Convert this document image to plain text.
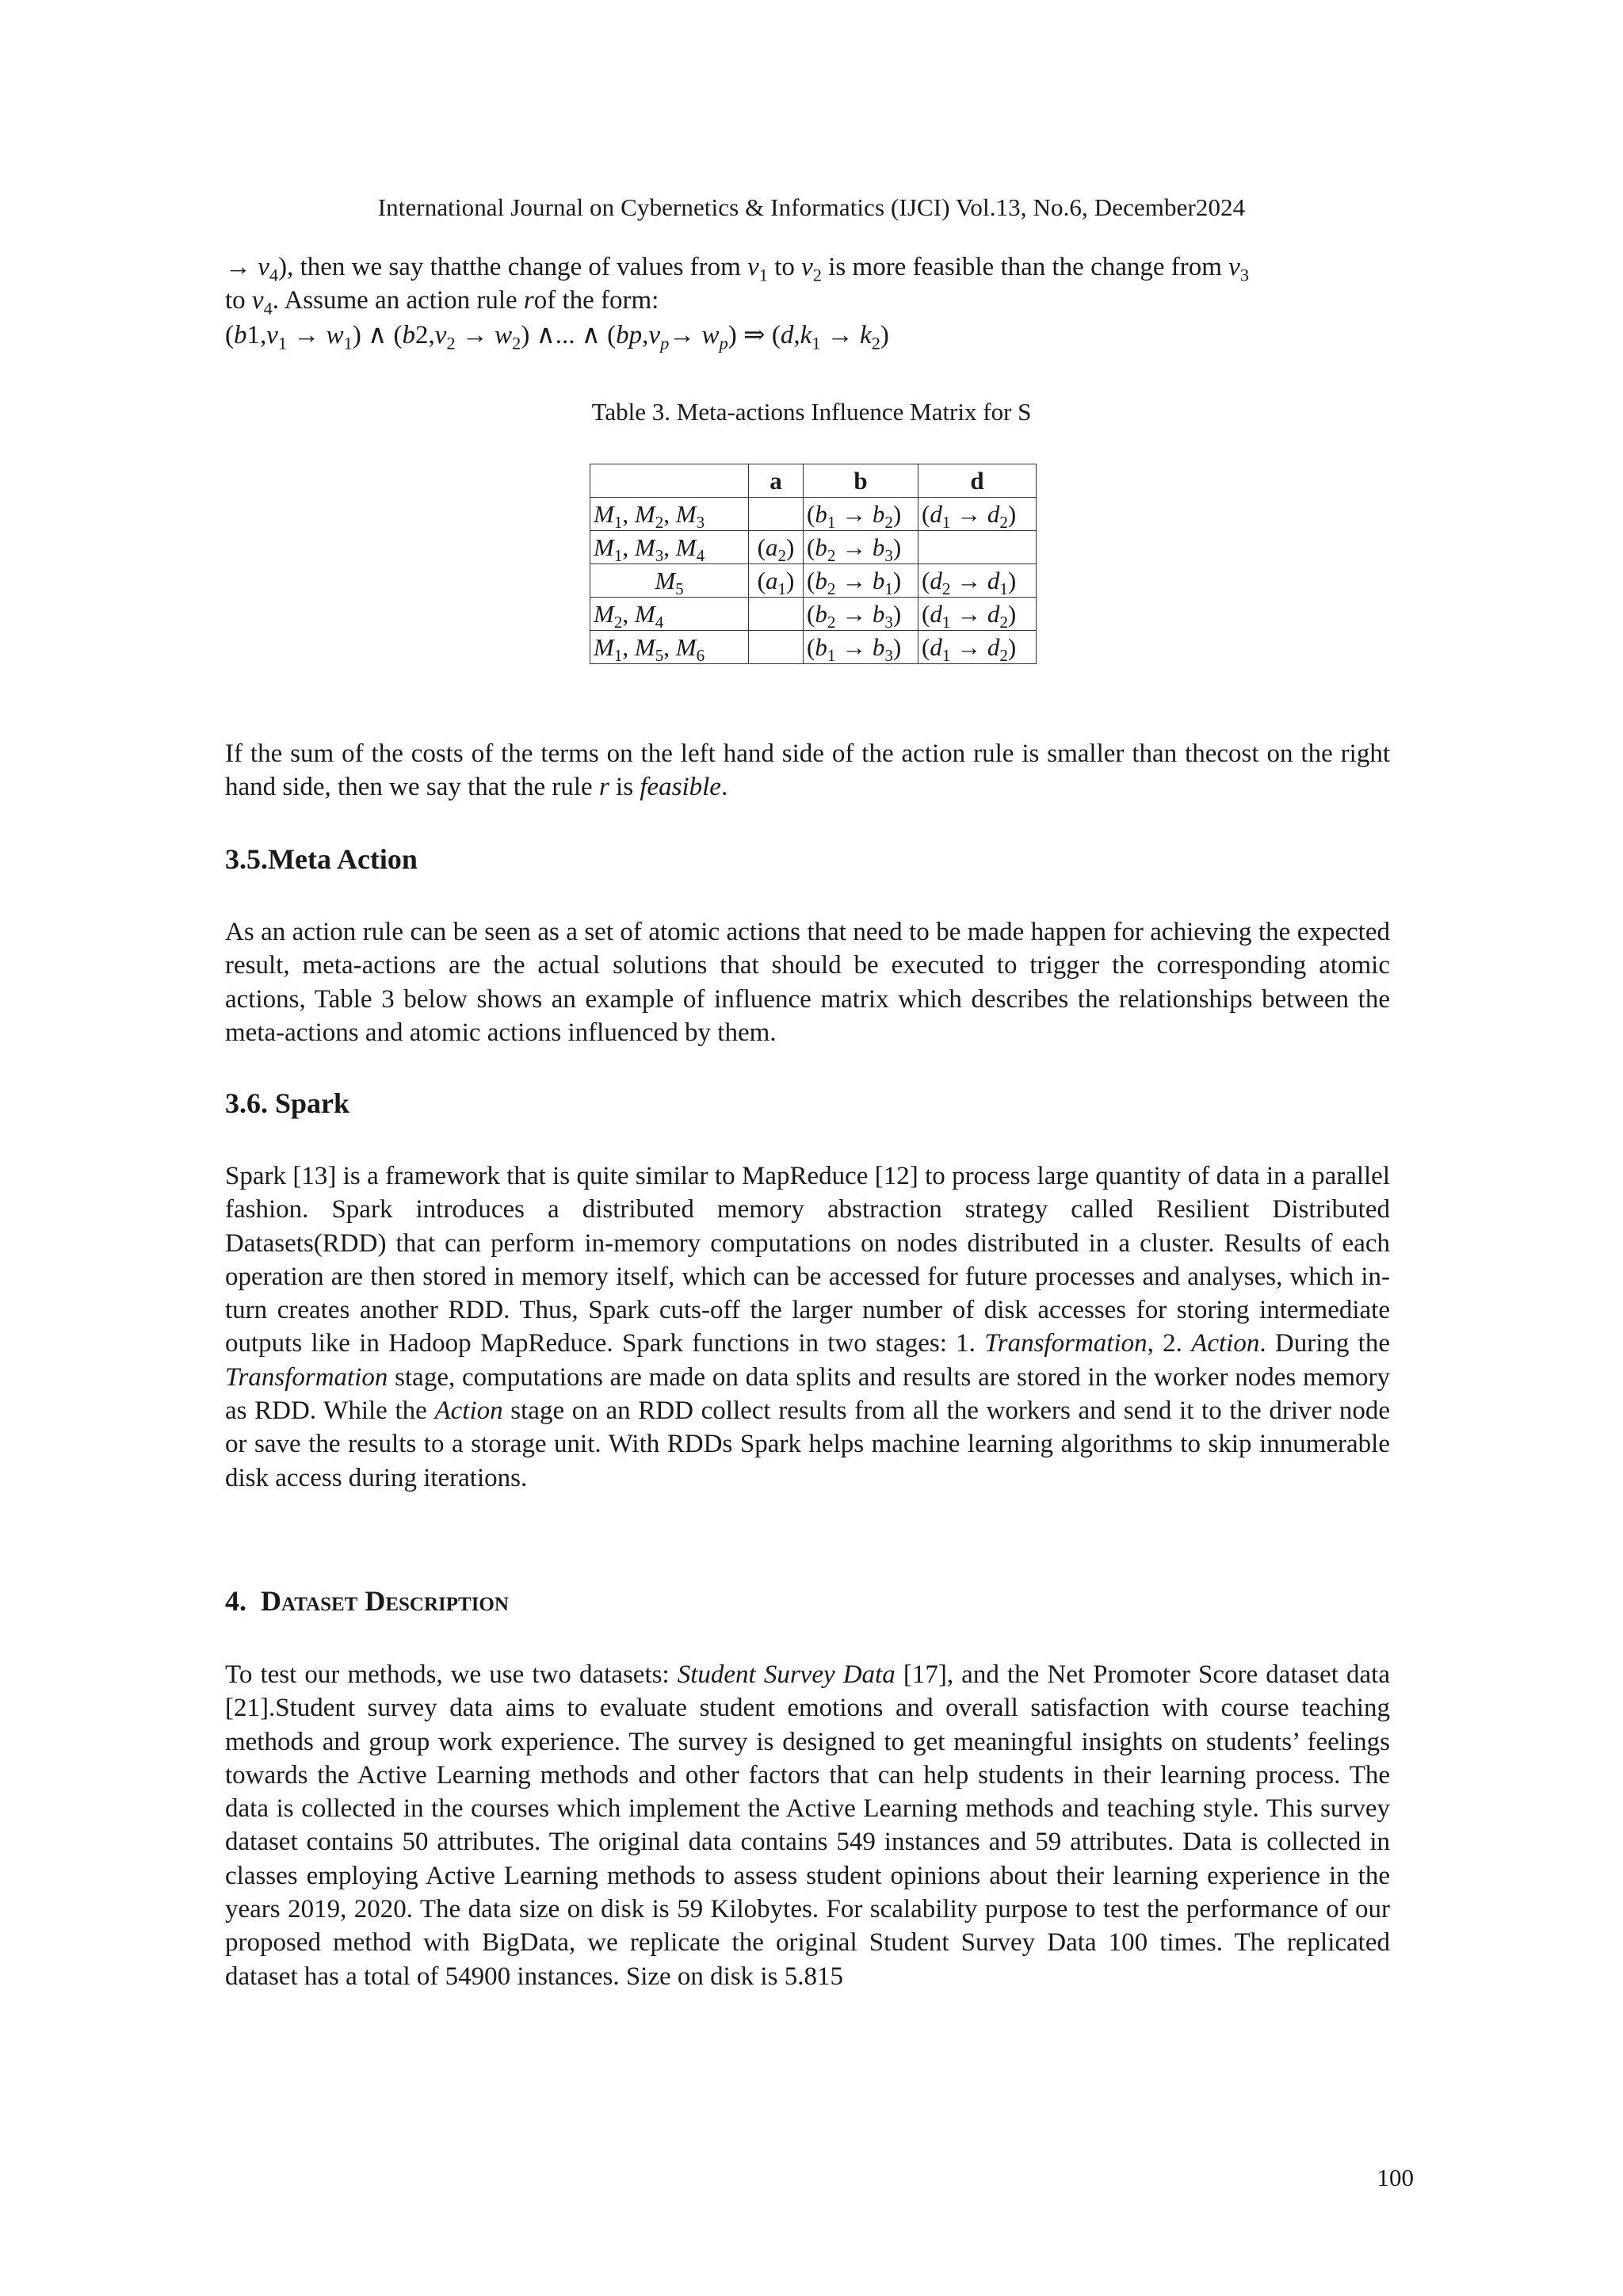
International Journal on Cybernetics & Informatics (IJCI) Vol.13, No.6, December2024
→ $v_4$), then we say thatthe change of values from $v_1$ to $v_2$ is more feasible than the change from $v_3$
to $v_4$. Assume an action rule rof the form:
$(b1,v_1 \to w_1)$ ∧ $(b2,v_2 \to w_2)$ ∧... ∧ $(bp,v_p\to w_p)$ ⇒ $(d,k_1 \to k_2)$
Table 3. Meta-actions Influence Matrix for S
	a	b	d
$M_1$, $M_2$, $M_3$		$(b_1 \to b_2)$	$(d_1 \to d_2)$
$M_1$, $M_3$, $M_4$	$(a_2)$	$(b_2 \to b_3)$	
$M_5$	$(a_1)$	$(b_2 \to b_1)$	$(d_2 \to d_1)$
$M_2$, $M_4$		$(b_2 \to b_3)$	$(d_1 \to d_2)$
$M_1$, $M_5$, $M_6$		$(b_1 \to b_3)$	$(d_1 \to d_2)$

If the sum of the costs of the terms on the left hand side of the action rule is smaller than thecost on the right hand side, then we say that the rule r is feasible.

3.5.Meta Action

As an action rule can be seen as a set of atomic actions that need to be made happen for achieving the expected result, meta-actions are the actual solutions that should be executed to trigger the corresponding atomic actions, Table 3 below shows an example of influence matrix which describes the relationships between the meta-actions and atomic actions influenced by them.

3.6. Spark

Spark [13] is a framework that is quite similar to MapReduce [12] to process large quantity of data in a parallel fashion. Spark introduces a distributed memory abstraction strategy called Resilient Distributed Datasets(RDD) that can perform in-memory computations on nodes distributed in a cluster. Results of each operation are then stored in memory itself, which can be accessed for future processes and analyses, which in-turn creates another RDD. Thus, Spark cuts-off the larger number of disk accesses for storing intermediate outputs like in Hadoop MapReduce. Spark functions in two stages: 1. Transformation, 2. Action. During the Transformation stage, computations are made on data splits and results are stored in the worker nodes memory as RDD. While the Action stage on an RDD collect results from all the workers and send it to the driver node or save the results to a storage unit. With RDDs Spark helps machine learning algorithms to skip innumerable disk access during iterations.

4. Dataset Description

To test our methods, we use two datasets: Student Survey Data [17], and the Net Promoter Score dataset data [21].Student survey data aims to evaluate student emotions and overall satisfaction with course teaching methods and group work experience. The survey is designed to get meaningful insights on students’ feelings towards the Active Learning methods and other factors that can help students in their learning process. The data is collected in the courses which implement the Active Learning methods and teaching style. This survey dataset contains 50 attributes. The original data contains 549 instances and 59 attributes. Data is collected in classes employing Active Learning methods to assess student opinions about their learning experience in the years 2019, 2020. The data size on disk is 59 Kilobytes. For scalability purpose to test the performance of our proposed method with BigData, we replicate the original Student Survey Data 100 times. The replicated dataset has a total of 54900 instances. Size on disk is 5.815

100
